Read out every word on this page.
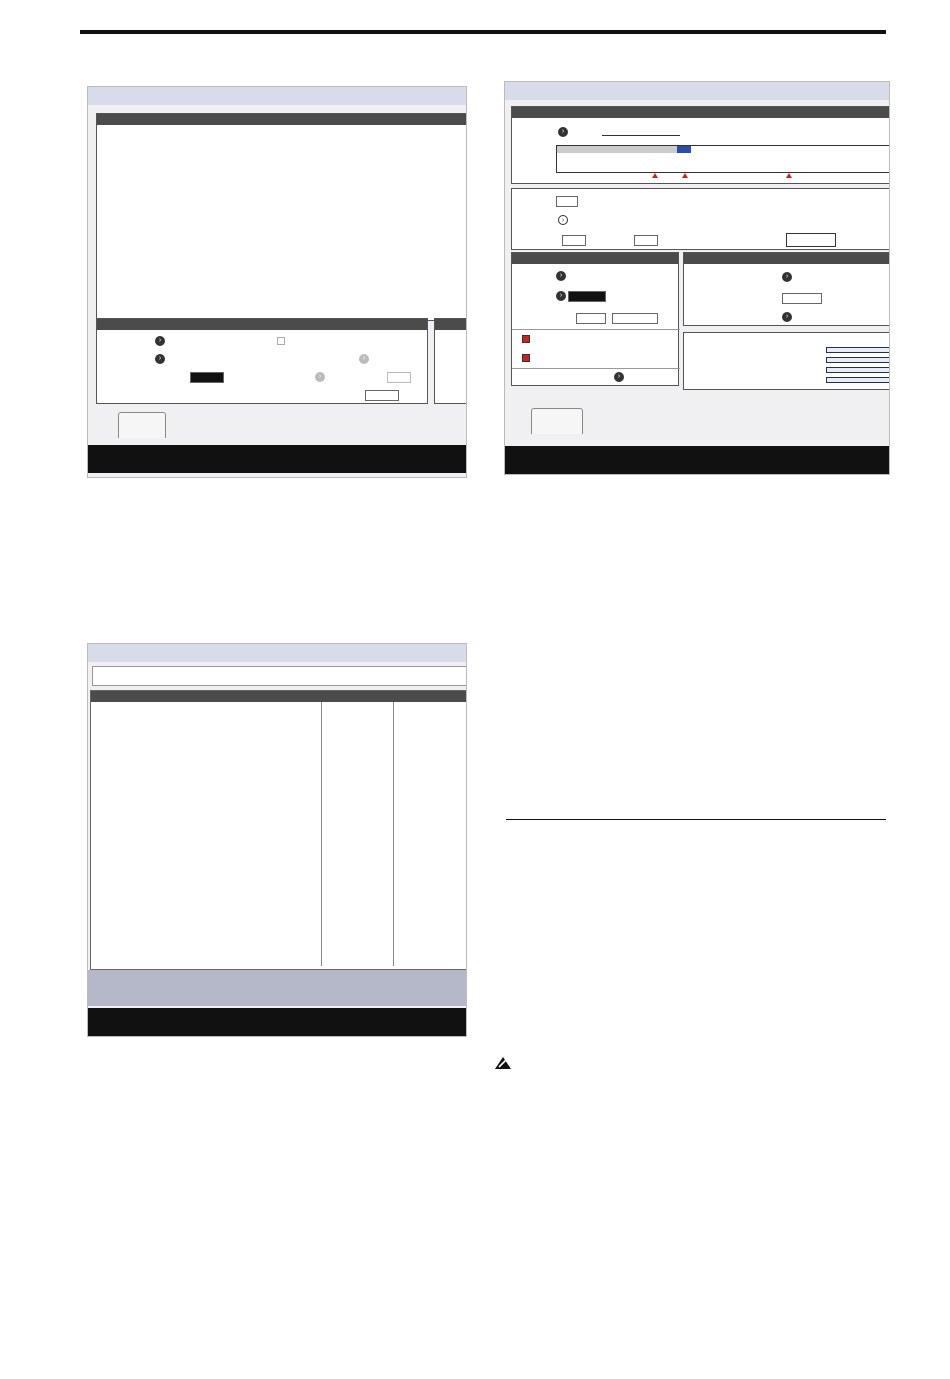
›
›	›
›
›
›
›
›
›
›
›
